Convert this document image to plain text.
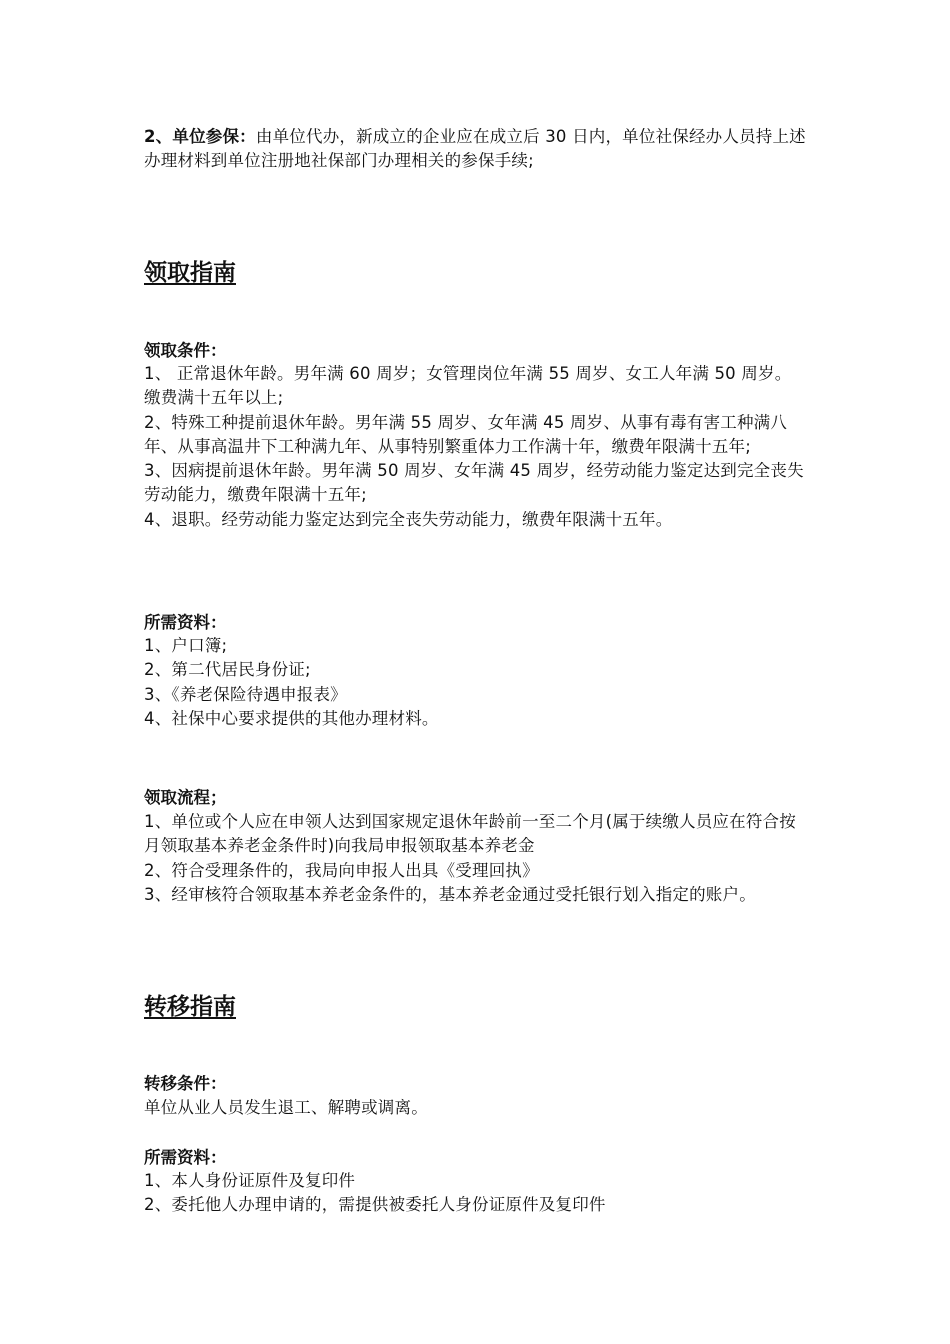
2、单位参保：由单位代办，新成立的企业应在成立后 30 日内，单位社保经办人员持上述办理材料到单位注册地社保部门办理相关的参保手续;

领取指南

领取条件：

1、 正常退休年龄。男年满 60 周岁；女管理岗位年满 55 周岁、女工人年满 50 周岁。缴费满十五年以上;
2、特殊工种提前退休年龄。男年满 55 周岁、女年满 45 周岁、从事有毒有害工种满八年、从事高温井下工种满九年、从事特别繁重体力工作满十年，缴费年限满十五年;
3、因病提前退休年龄。男年满 50 周岁、女年满 45 周岁，经劳动能力鉴定达到完全丧失劳动能力，缴费年限满十五年;
4、退职。经劳动能力鉴定达到完全丧失劳动能力，缴费年限满十五年。

所需资料：

1、户口簿;
2、第二代居民身份证;
3、《养老保险待遇申报表》
4、社保中心要求提供的其他办理材料。

领取流程；

1、单位或个人应在申领人达到国家规定退休年龄前一至二个月(属于续缴人员应在符合按月领取基本养老金条件时)向我局申报领取基本养老金
2、符合受理条件的，我局向申报人出具《受理回执》
3、经审核符合领取基本养老金条件的，基本养老金通过受托银行划入指定的账户。
转移指南

转移条件：

单位从业人员发生退工、解聘或调离。

所需资料：

1、本人身份证原件及复印件
2、委托他人办理申请的，需提供被委托人身份证原件及复印件
